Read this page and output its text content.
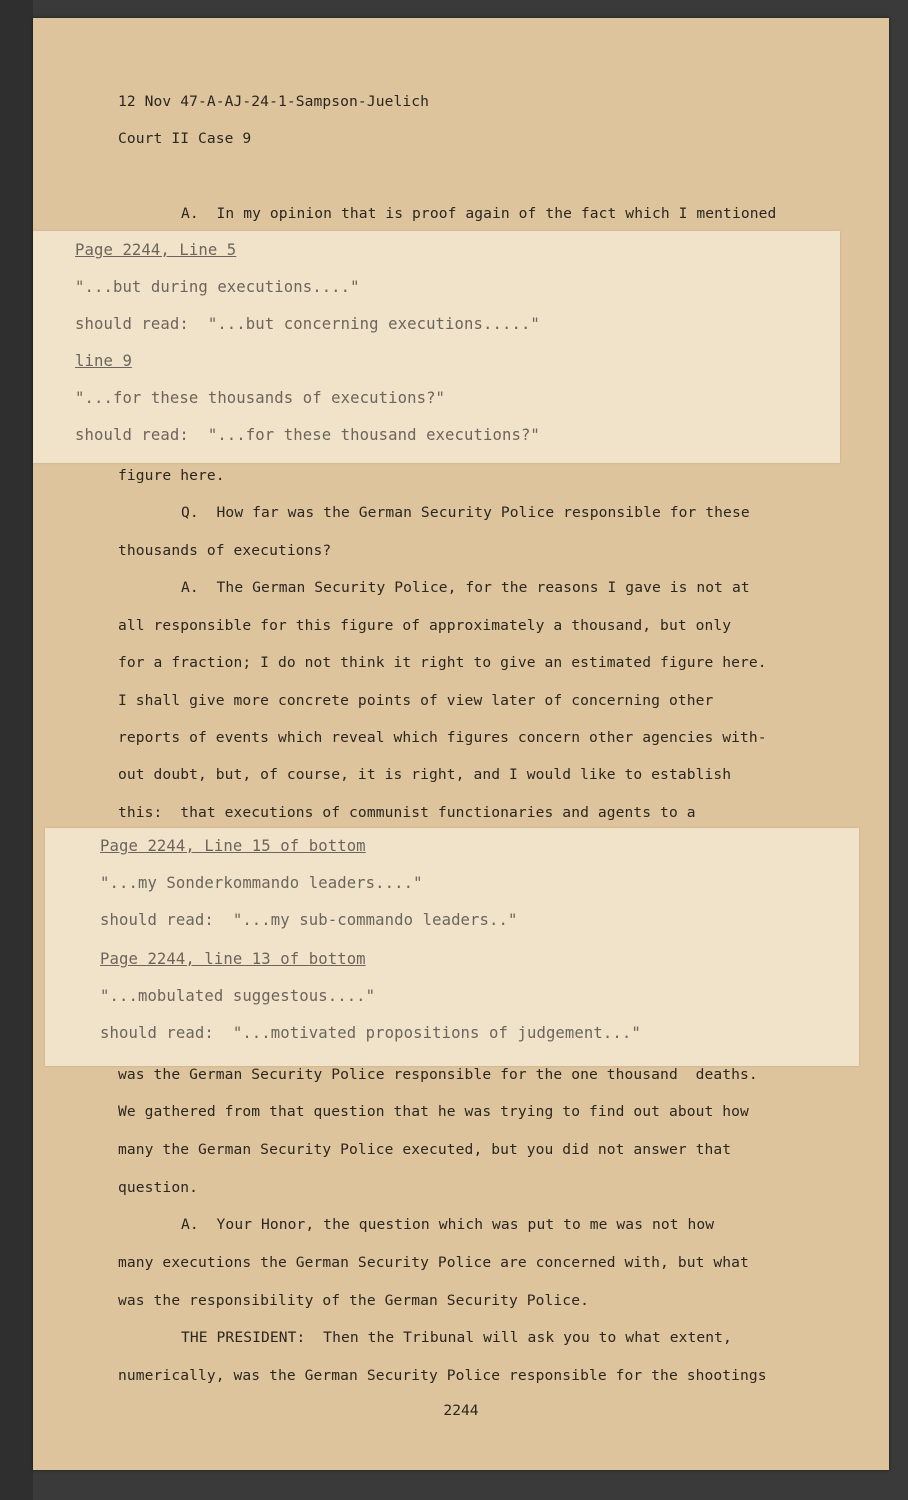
12 Nov 47-A-AJ-24-1-Sampson-Juelich
Court II Case 9
A.  In my opinion that is proof again of the fact which I mentioned
Page 2244, Line 5
"...but during executions...."
should read:  "...but concerning executions....."
line 9
"...for these thousands of executions?"
should read:  "...for these thousand executions?"
figure here.
Q.  How far was the German Security Police responsible for these
thousands of executions?
A.  The German Security Police, for the reasons I gave is not at
all responsible for this figure of approximately a thousand, but only
for a fraction; I do not think it right to give an estimated figure here.
I shall give more concrete points of view later of concerning other
reports of events which reveal which figures concern other agencies with-
out doubt, but, of course, it is right, and I would like to establish
this:  that executions of communist functionaries and agents to a
Page 2244, Line 15 of bottom
"...my Sonderkommando leaders...."
should read:  "...my sub-commando leaders.."
Page 2244, line 13 of bottom
"...mobulated suggestous...."
should read:  "...motivated propositions of judgement..."
was the German Security Police responsible for the one thousand  deaths.
We gathered from that question that he was trying to find out about how
many the German Security Police executed, but you did not answer that
question.
A.  Your Honor, the question which was put to me was not how
many executions the German Security Police are concerned with, but what
was the responsibility of the German Security Police.
THE PRESIDENT:  Then the Tribunal will ask you to what extent,
numerically, was the German Security Police responsible for the shootings
2244
